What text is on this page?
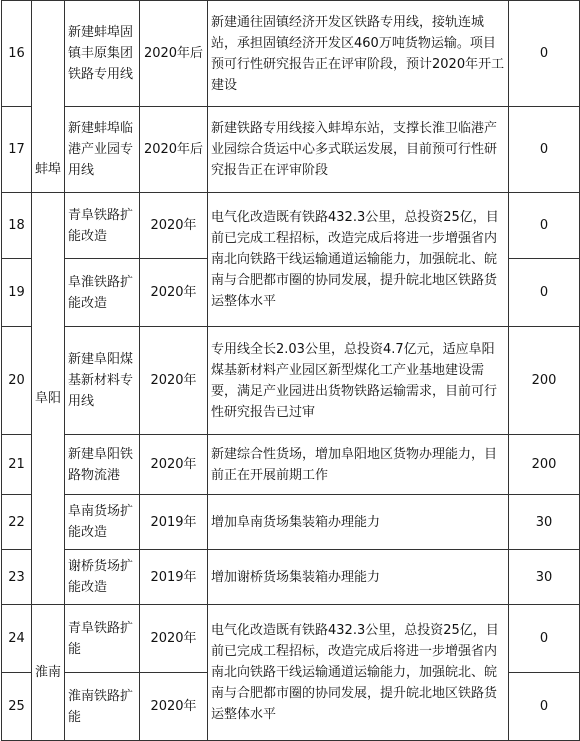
16	蚌埠	新建蚌埠固镇丰原集团铁路专用线	2020年后	新建通往固镇经济开发区铁路专用线，接轨连城站，承担固镇经济开发区460万吨货物运输。项目预可行性研究报告正在评审阶段，预计2020年开工建设	0
17		新建蚌埠临港产业园专用线	2020年后	新建铁路专用线接入蚌埠东站，支撑长淮卫临港产业园综合货运中心多式联运发展，目前预可行性研究报告正在评审阶段	0
18	阜阳	青阜铁路扩能改造	2020年	电气化改造既有铁路432.3公里，总投资25亿，目前已完成工程招标，改造完成后将进一步增强省内南北向铁路干线运输通道运输能力，加强皖北、皖南与合肥都市圈的协同发展，提升皖北地区铁路货运整体水平	0
19		阜淮铁路扩能改造	2020年		0
20		新建阜阳煤基新材料专用线	2020年	专用线全长2.03公里，总投资4.7亿元，适应阜阳煤基新材料产业园区新型煤化工产业基地建设需要，满足产业园进出货物铁路运输需求，目前可行性研究报告已过审	200
21		新建阜阳铁路物流港	2020年	新建综合性货场，增加阜阳地区货物办理能力，目前正在开展前期工作	200
22		阜南货场扩能改造	2019年	增加阜南货场集装箱办理能力	30
23		谢桥货场扩能改造	2019年	增加谢桥货场集装箱办理能力	30
24	淮南	青阜铁路扩能	2020年	电气化改造既有铁路432.3公里，总投资25亿，目前已完成工程招标，改造完成后将进一步增强省内南北向铁路干线运输通道运输能力，加强皖北、皖南与合肥都市圈的协同发展，提升皖北地区铁路货运整体水平	0
25		淮南铁路扩能	2020年		0
